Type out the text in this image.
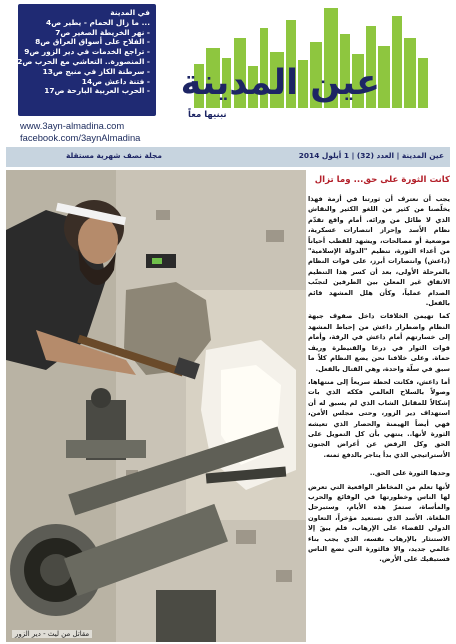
في المدينة
... ما زال الحمام - يطير ص4
- نهر الخريطة الصغير ص7
- الفلاح على أسواق العراق ص8
- تراجع الخدمات في دير الزور ص9
- المنصورة.. التعاشي مع الحرب ص12
- سرطنة الكاز في منبج ص13
- فتنة داعش ص14
- الحرب العربية البارحة ص17
www.3ayn-almadina.com
facebook.com/3aynAlmadina
عين المدينة
نبنيها معاً
عين المدينة | العدد (32) | 1 أيلول 2014
مجلة نصف شهرية مستقلة
مقاتل من ليث - دير الزور
كانت الثورة على حق... وما تزال

يجب أن نعترف أن ثورتنا في أزمة فهذا يخلّصنا من كثير من اللغو الكثير والنقاش الذي لا طائل من ورائه. أمام واقع تقدّم نظام الأسد وإحراز انتصارات عسكرية، موضعية أو مصالحات، ويشهد للقطب أحياناً من أعداء الثورة، تنظيم "الدولة الإسلامية" (داعش) وانتصارات أبرز، على قوات النظام بالمرحلة الأولى، بعد أن كسر هذا التنظيم الاتفاق غير المعلن بين الطرفين لتجنّب الصدام عملياً، وكأن هلل المشهد قائم بالفعل.

كما تهيمن الخلافات داخل صفوف جبهة النظام واضطرار داعش من إحباط المشهد إلى خسارتهم أمام داعش في الرقة، وأمام قوات الثوار في درعا والقنيطرة وريف حماة. وعلى خلافنا نحن يضع النظام كلاً ما سبق في سلّة واحدة، وهي القتال بالفعل.

أما داعش، فكانت لحظة سريعاً إلى منتهاها، وصولاً بالسلاح العالمي فككه الذي بات إشكالاً للمقاتل الشاب الذي لم يسبق له أن استهداف دير الزور، وحتى مجلس الأمن، فهي أيضاً الهيمنة والحصار الذي تعيشه الثورة لأنها.. ينتهي بأن كل التمويل على الحق وكل الرفض عن أعراض الجنون الأستراتيجي الذي بدأ يتاجر بالدفع ثمنه.

وحدها الثورة على الحق..

لأنها تعلم من المخاطر الواقعية التي تعرض لها الناس وخطورتها في الوقائع والحرب والمأساة، ستمرّ هذه الأيام، وستبرحل الطغاة. الأسد الذي نستعيد مؤخراً، التعاون الدولي للقضاء على الإرهاب، فلم يبقَ إلا الاستنثار بالإرهاب نفسه، الذي يجب بناء عالمي جديد، والا فالثورة التي تضع الناس فستبقيك على الأرض.
